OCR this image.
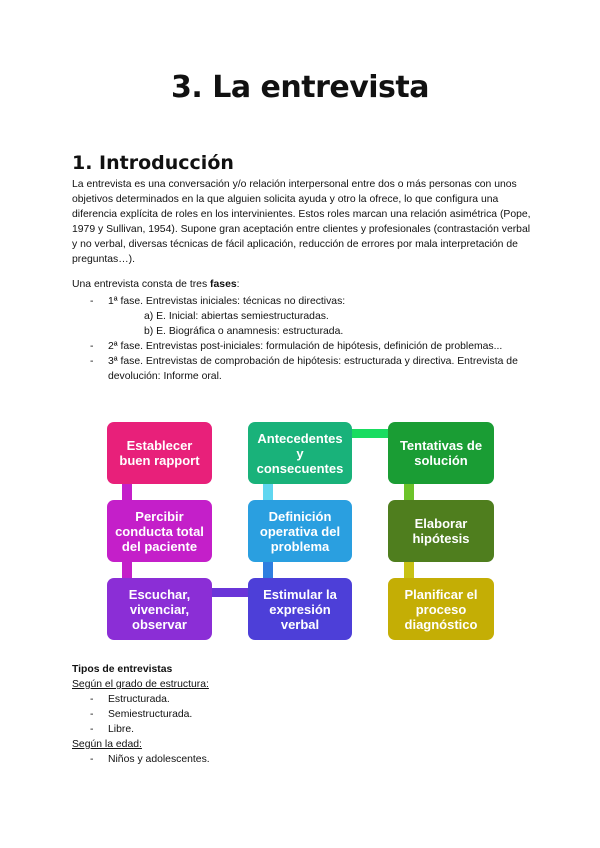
3. La entrevista
1. Introducción

La entrevista es una conversación y/o relación interpersonal entre dos o más personas con unos objetivos determinados en la que alguien solicita ayuda y otro la ofrece, lo que configura una diferencia explícita de roles en los intervinientes. Estos roles marcan una relación asimétrica (Pope, 1979 y Sullivan, 1954). Supone gran aceptación entre clientes y profesionales (contrastación verbal y no verbal, diversas técnicas de fácil aplicación, reducción de errores por mala interpretación de preguntas…).

Una entrevista consta de tres fases:

- 1ª fase. Entrevistas iniciales: técnicas no directivas:
a) E. Inicial: abiertas semiestructuradas.
b) E. Biográfica o anamnesis: estructurada.
- 2ª fase. Entrevistas post-iniciales: formulación de hipótesis, definición de problemas...
- 3ª fase. Entrevistas de comprobación de hipótesis: estructurada y directiva. Entrevista de devolución: Informe oral.
Establecer buen rapport
Percibir conducta total del paciente
Escuchar, vivenciar, observar
Antecedentes y consecuentes
Definición operativa del problema
Estimular la expresión verbal
Tentativas de solución
Elaborar hipótesis
Planificar el proceso diagnóstico
Tipos de entrevistas
Según el grado de estructura:
- Estructurada.
- Semiestructurada.
- Libre.
Según la edad:
- Niños y adolescentes.
